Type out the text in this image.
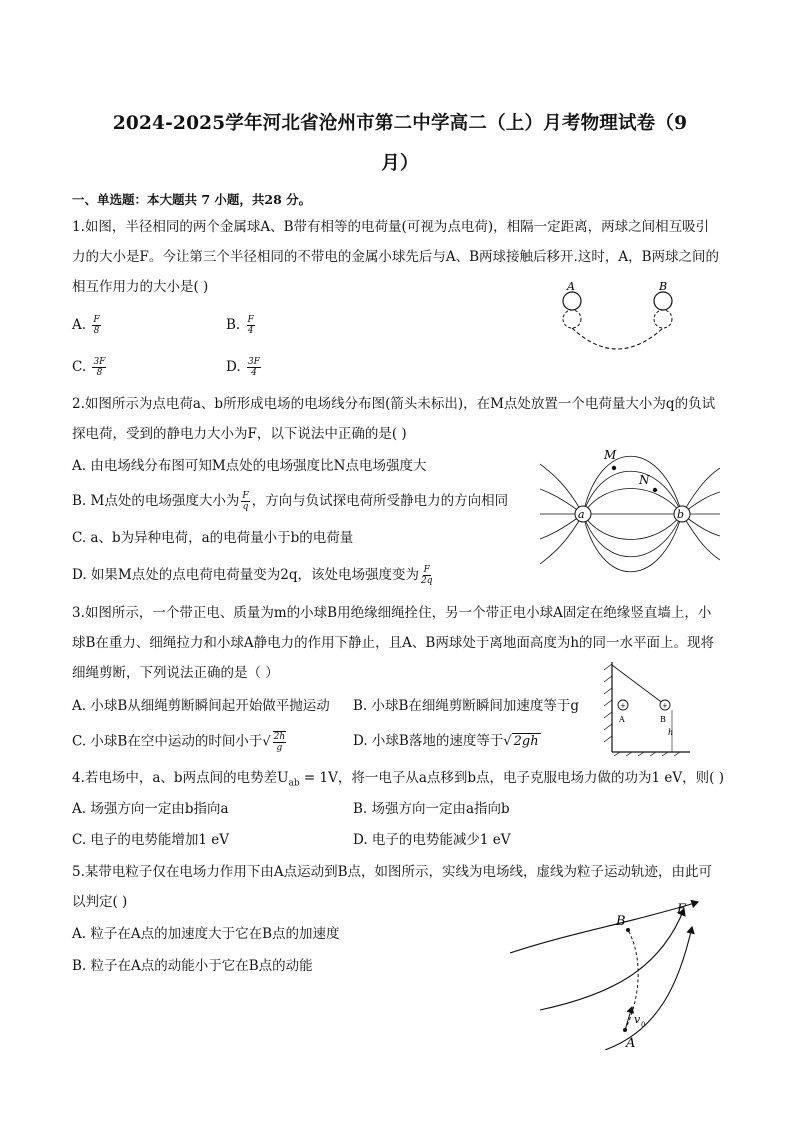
2024-2025学年河北省沧州市第二中学高二（上）月考物理试卷（9
月）
一、单选题：本大题共 7 小题，共28 分。
1.如图，半径相同的两个金属球A、B带有相等的电荷量(可视为点电荷)，相隔一定距离，两球之间相互吸引力的大小是F。今让第三个半径相同的不带电的金属小球先后与A、B两球接触后移开.这时，A，B两球之间的相互作用力的大小是( )
A. $\frac{F}{8}$	B. $\frac{F}{4}$
C. $\frac{3F}{8}$	D. $\frac{3F}{4}$
A	B
2.如图所示为点电荷a、b所形成电场的电场线分布图(箭头未标出)，在M点处放置一个电荷量大小为q的负试探电荷，受到的静电力大小为F，以下说法中正确的是( )
A. 由电场线分布图可知M点处的电场强度比N点电场强度大
B. M点处的电场强度大小为 $\frac{F}{q}$ ，方向与负试探电荷所受静电力的方向相同
C. a、b为异种电荷，a的电荷量小于b的电荷量
D. 如果M点处的点电荷电荷量变为2q，该处电场强度变为 $\frac{F}{2q}$
a	b
M
N
3.如图所示，一个带正电、质量为m的小球B用绝缘细绳拴住，另一个带正电小球A固定在绝缘竖直墙上，小球B在重力、细绳拉力和小球A静电力的作用下静止，且A、B两球处于离地面高度为h的同一水平面上。现将细绳剪断，下列说法正确的是（ ）
A. 小球B从细绳剪断瞬间起开始做平抛运动 B. 小球B在细绳剪断瞬间加速度等于g
C. 小球B在空中运动的时间小于√ $\frac{2h}{g}$	D. 小球B落地的速度等于√ 2gh
+	+
A	B
h
4.若电场中，a、b两点间的电势差$U_{ab} = 1V$，将一电子从a点移到b点，电子克服电场力做的功为1 eV，则( )
A. 场强方向一定由b指向a	B. 场强方向一定由a指向b
C. 电子的电势能增加1 eV	D. 电子的电势能减少1 eV
5.某带电粒子仅在电场力作用下由A点运动到B点，如图所示，实线为电场线，虚线为粒子运动轨迹，由此可以判定( )
A. 粒子在A点的加速度大于它在B点的加速度
B. 粒子在A点的动能小于它在B点的动能
B
E
A
v 0
